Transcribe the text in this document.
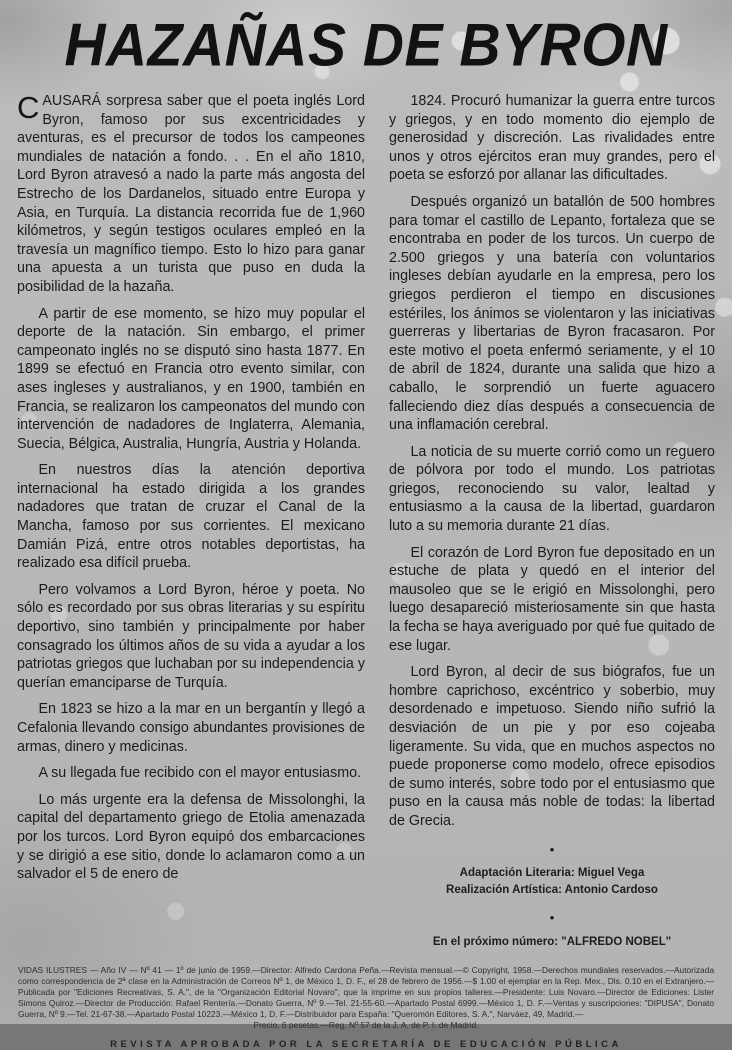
HAZAÑAS DE BYRON

CAUSARÁ sorpresa saber que el poeta inglés Lord Byron, famoso por sus excentricidades y aventuras, es el precursor de todos los campeones mundiales de natación a fondo. . . En el año 1810, Lord Byron atravesó a nado la parte más angosta del Estrecho de los Dardanelos, situado entre Europa y Asia, en Turquía. La distancia recorrida fue de 1,960 kilómetros, y según testigos oculares empleó en la travesía un magnífico tiempo. Esto lo hizo para ganar una apuesta a un turista que puso en duda la posibilidad de la hazaña.

A partir de ese momento, se hizo muy popular el deporte de la natación. Sin embargo, el primer campeonato inglés no se disputó sino hasta 1877. En 1899 se efectuó en Francia otro evento similar, con ases ingleses y australianos, y en 1900, también en Francia, se realizaron los campeonatos del mundo con intervención de nadadores de Inglaterra, Alemania, Suecia, Bélgica, Australia, Hungría, Austria y Holanda.

En nuestros días la atención deportiva internacional ha estado dirigida a los grandes nadadores que tratan de cruzar el Canal de la Mancha, famoso por sus corrientes. El mexicano Damián Pizá, entre otros notables deportistas, ha realizado esa difícil prueba.

Pero volvamos a Lord Byron, héroe y poeta. No sólo es recordado por sus obras literarias y su espíritu deportivo, sino también y principalmente por haber consagrado los últimos años de su vida a ayudar a los patriotas griegos que luchaban por su independencia y querían emanciparse de Turquía.

En 1823 se hizo a la mar en un bergantín y llegó a Cefalonia llevando consigo abundantes provisiones de armas, dinero y medicinas.

A su llegada fue recibido con el mayor entusiasmo.

Lo más urgente era la defensa de Missolonghi, la capital del departamento griego de Etolia amenazada por los turcos. Lord Byron equipó dos embarcaciones y se dirigió a ese sitio, donde lo aclamaron como a un salvador el 5 de enero de

1824. Procuró humanizar la guerra entre turcos y griegos, y en todo momento dio ejemplo de generosidad y discreción. Las rivalidades entre unos y otros ejércitos eran muy grandes, pero el poeta se esforzó por allanar las dificultades.

Después organizó un batallón de 500 hombres para tomar el castillo de Lepanto, fortaleza que se encontraba en poder de los turcos. Un cuerpo de 2.500 griegos y una batería con voluntarios ingleses debían ayudarle en la empresa, pero los griegos perdieron el tiempo en discusiones estériles, los ánimos se violentaron y las iniciativas guerreras y libertarias de Byron fracasaron. Por este motivo el poeta enfermó seriamente, y el 10 de abril de 1824, durante una salida que hizo a caballo, le sorprendió un fuerte aguacero falleciendo diez días después a consecuencia de una inflamación cerebral.

La noticia de su muerte corrió como un reguero de pólvora por todo el mundo. Los patriotas griegos, reconociendo su valor, lealtad y entusiasmo a la causa de la libertad, guardaron luto a su memoria durante 21 días.

El corazón de Lord Byron fue depositado en un estuche de plata y quedó en el interior del mausoleo que se le erigió en Missolonghi, pero luego desapareció misteriosamente sin que hasta la fecha se haya averiguado por qué fue quitado de ese lugar.

Lord Byron, al decir de sus biógrafos, fue un hombre caprichoso, excéntrico y soberbio, muy desordenado e impetuoso. Siendo niño sufrió la desviación de un pie y por eso cojeaba ligeramente. Su vida, que en muchos aspectos no puede proponerse como modelo, ofrece episodios de sumo interés, sobre todo por el entusiasmo que puso en la causa más noble de todas: la libertad de Grecia.

•
Adaptación Literaria: Miguel Vega
Realización Artística: Antonio Cardoso
•
En el próximo número: "ALFREDO NOBEL"

VIDAS ILUSTRES — Año IV — Nº 41 — 1º de junio de 1959.—Director: Alfredo Cardona Peña.—Revista mensual.—© Copyright, 1958.—Derechos mundiales reservados.—Autorizada como correspondencia de 2ª clase en la Administración de Correos Nº 1, de México 1, D. F., el 28 de febrero de 1956.—$ 1.00 el ejemplar en la Rep. Mex., Dls. 0.10 en el Extranjero.—Publicada por "Ediciones Recreativas, S. A.", de la "Organización Editorial Novaro", que la imprime en sus propios talleres.—Presidente: Luis Novaro.—Director de Ediciones: Lister Simons Quiroz.—Director de Producción: Rafael Rentería.—Donato Guerra, Nº 9.—Tel. 21-55-60.—Apartado Postal 6999.—México 1, D. F.—Ventas y suscripciones: "DIPUSA", Donato Guerra, Nº 9.—Tel. 21-67-38.—Apartado Postal 10223.—México 1, D. F.—Distribuidor para España: "Queromón Editores, S. A.", Narváez, 49, Madrid.—

Precio, 6 pesetas.—Reg. Nº 57 de la J. A. de P. I. de Madrid.

REVISTA APROBADA POR LA SECRETARÍA DE EDUCACIÓN PÚBLICA
